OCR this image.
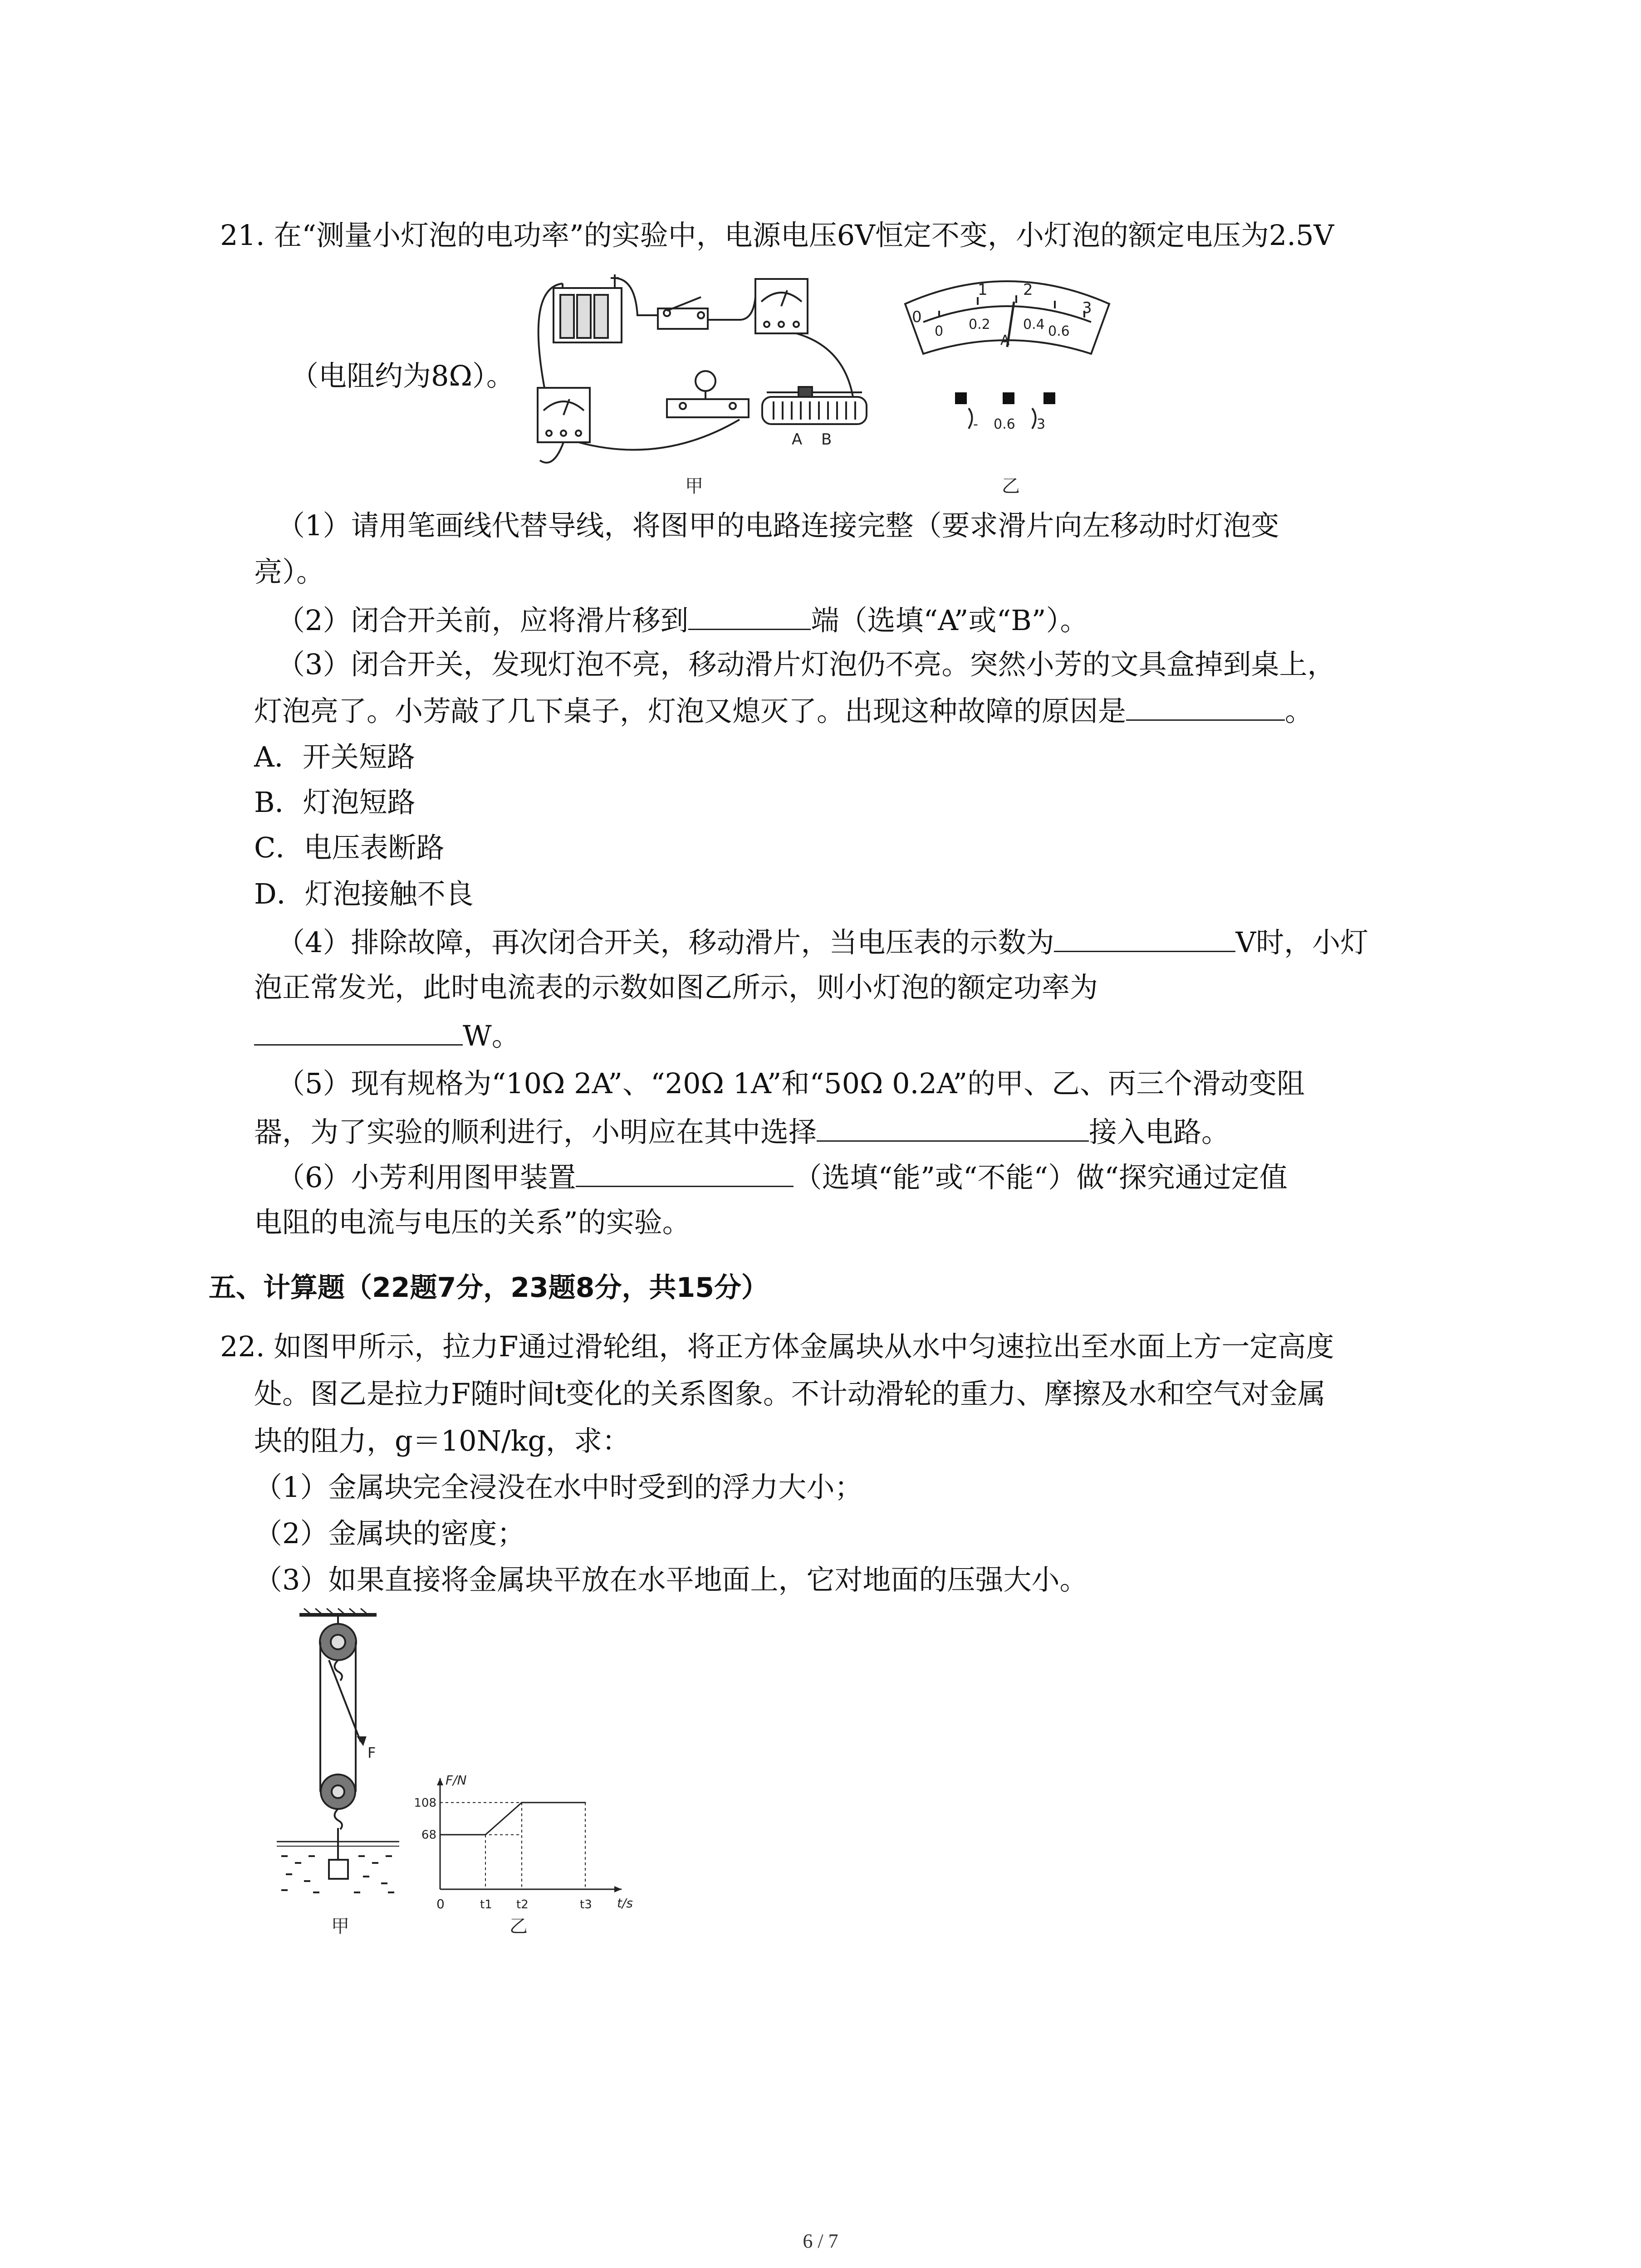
21. 在“测量小灯泡的电功率”的实验中，电源电压6V恒定不变，小灯泡的额定电压为2.5V
（电阻约为8Ω）。
A B
甲
1 2
3
0
0 0.2 0.4 0.6
A
- 0.6 3
乙
（1）请用笔画线代替导线，将图甲的电路连接完整（要求滑片向左移动时灯泡变
亮）。
（2）闭合开关前，应将滑片移到	端（选填“A”或“B”）。
（3）闭合开关，发现灯泡不亮，移动滑片灯泡仍不亮。突然小芳的文具盒掉到桌上，
灯泡亮了。小芳敲了几下桌子，灯泡又熄灭了。出现这种故障的原因是	。
A．开关短路
B．灯泡短路
C．电压表断路
D．灯泡接触不良
（4）排除故障，再次闭合开关，移动滑片，当电压表的示数为	V时，小灯
泡正常发光，此时电流表的示数如图乙所示，则小灯泡的额定功率为
W。
（5）现有规格为“10Ω 2A”、“20Ω 1A”和“50Ω 0.2A”的甲、乙、丙三个滑动变阻
器，为了实验的顺利进行，小明应在其中选择	接入电路。
（6）小芳利用图甲装置	（选填“能”或“不能“）做“探究通过定值
电阻的电流与电压的关系”的实验。
五、计算题（22题7分，23题8分，共15分）
22. 如图甲所示，拉力F通过滑轮组，将正方体金属块从水中匀速拉出至水面上方一定高度
处。图乙是拉力F随时间t变化的关系图象。不计动滑轮的重力、摩擦及水和空气对金属
块的阻力，g＝10N/kg，求：
（1）金属块完全浸没在水中时受到的浮力大小；
（2）金属块的密度；
（3）如果直接将金属块平放在水平地面上，它对地面的压强大小。
F
甲
F/N
t/s
0
68
108
t1 t2	t3
乙
6 / 7
